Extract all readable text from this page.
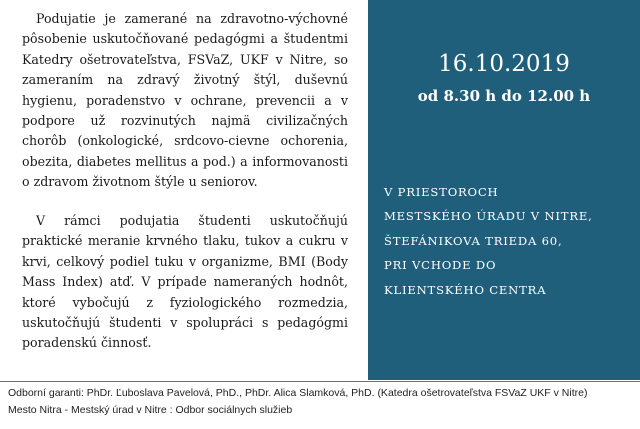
Podujatie je zamerané na zdravotno-výchovné pôsobenie uskutočňované pedagógmi a študentmi Katedry ošetrovateľstva, FSVaZ, UKF v Nitre, so zameraním na zdravý životný štýl, duševnú hygienu, poradenstvo v ochrane, prevencii a v podpore už rozvinutých najmä civilizačných chorôb (onkologické, srdcovo-cievne ochorenia, obezita, diabetes mellitus a pod.) a informovanosti o zdravom životnom štýle u seniorov.

V rámci podujatia študenti uskutočňujú praktické meranie krvného tlaku, tukov a cukru v krvi, celkový podiel tuku v organizme, BMI (Body Mass Index) atď. V prípade nameraných hodnôt, ktoré vybočujú z fyziologického rozmedzia, uskutočňujú študenti v spolupráci s pedagógmi poradenskú činnosť.

16.10.2019
od 8.30 h do 12.00 h
V PRIESTOROCH
MESTSKÉHO ÚRADU V NITRE,
ŠTEFÁNIKOVA TRIEDA 60,
PRI VCHODE DO
KLIENTSKÉHO CENTRA
Odborní garanti: PhDr. Ľuboslava Pavelová, PhD., PhDr. Alica Slamková, PhD. (Katedra ošetrovateľstva FSVaZ UKF v Nitre)
Mesto Nitra - Mestský úrad v Nitre : Odbor sociálnych služieb
